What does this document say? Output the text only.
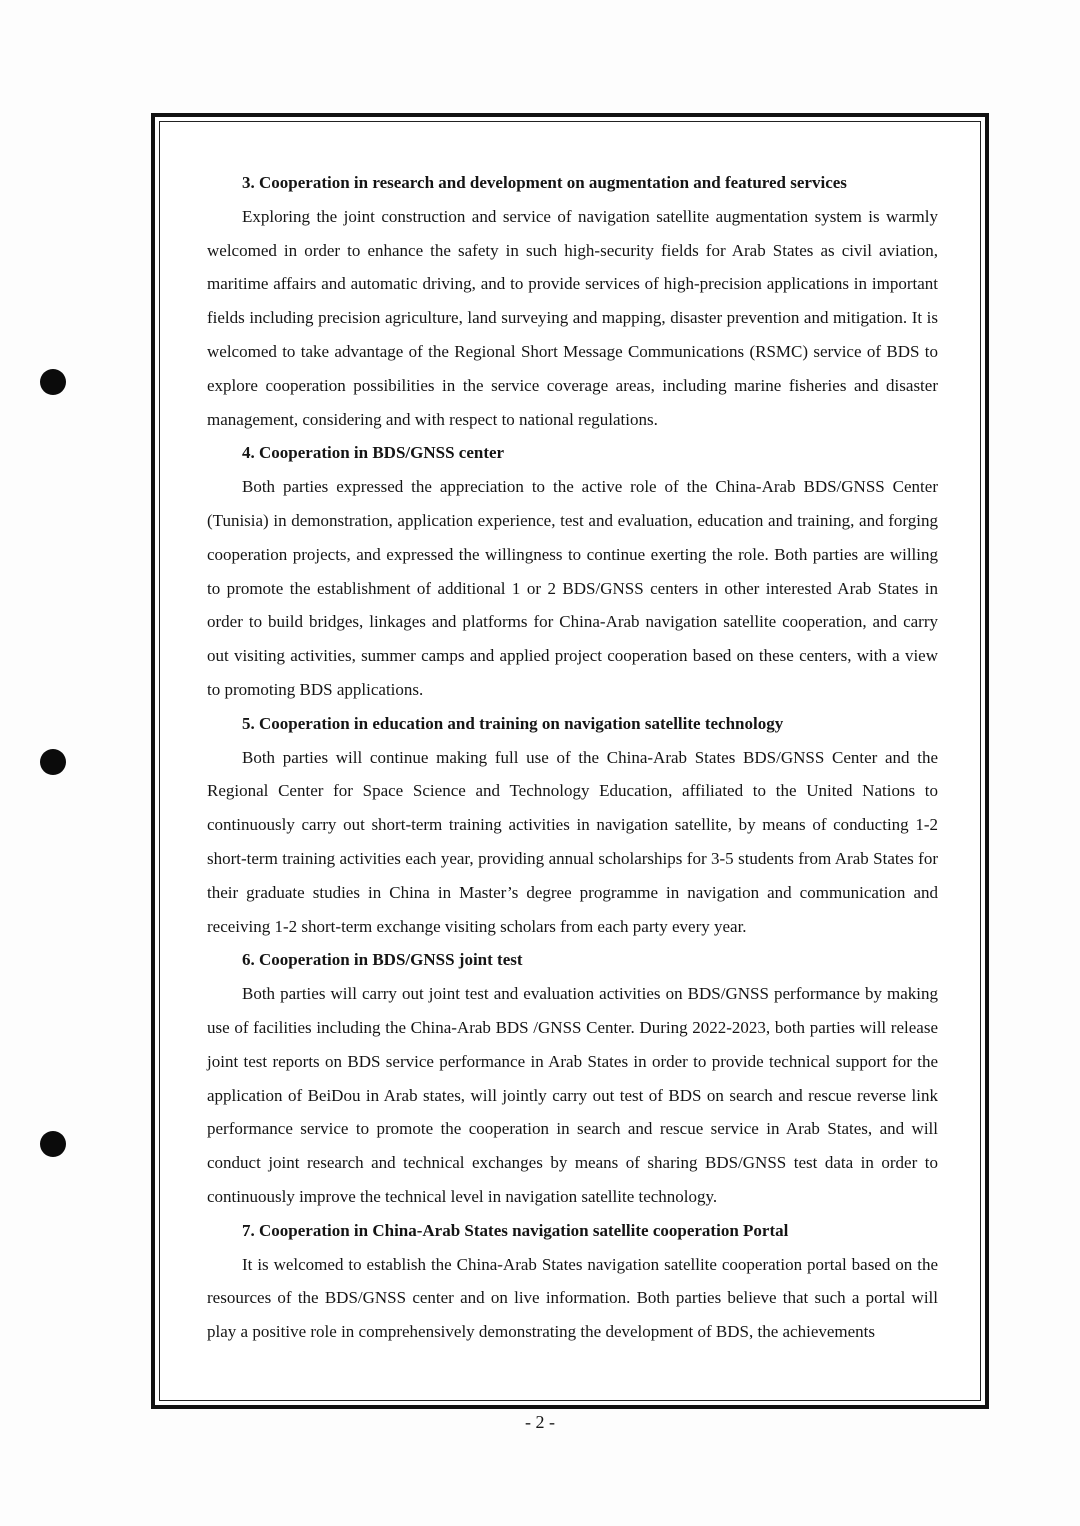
3. Cooperation in research and development on augmentation and featured services

Exploring the joint construction and service of navigation satellite augmentation system is warmly welcomed in order to enhance the safety in such high-security fields for Arab States as civil aviation, maritime affairs and automatic driving, and to provide services of high-precision applications in important fields including precision agriculture, land surveying and mapping, disaster prevention and mitigation. It is welcomed to take advantage of the Regional Short Message Communications (RSMC) service of BDS to explore cooperation possibilities in the service coverage areas, including marine fisheries and disaster management, considering and with respect to national regulations.

4. Cooperation in BDS/GNSS center

Both parties expressed the appreciation to the active role of the China-Arab BDS/GNSS Center (Tunisia) in demonstration, application experience, test and evaluation, education and training, and forging cooperation projects, and expressed the willingness to continue exerting the role. Both parties are willing to promote the establishment of additional 1 or 2 BDS/GNSS centers in other interested Arab States in order to build bridges, linkages and platforms for China-Arab navigation satellite cooperation, and carry out visiting activities, summer camps and applied project cooperation based on these centers, with a view to promoting BDS applications.

5. Cooperation in education and training on navigation satellite technology

Both parties will continue making full use of the China-Arab States BDS/GNSS Center and the Regional Center for Space Science and Technology Education, affiliated to the United Nations to continuously carry out short-term training activities in navigation satellite, by means of conducting 1-2 short-term training activities each year, providing annual scholarships for 3-5 students from Arab States for their graduate studies in China in Master’s degree programme in navigation and communication and receiving 1-2 short-term exchange visiting scholars from each party every year.

6. Cooperation in BDS/GNSS joint test

Both parties will carry out joint test and evaluation activities on BDS/GNSS performance by making use of facilities including the China-Arab BDS /GNSS Center. During 2022-2023, both parties will release joint test reports on BDS service performance in Arab States in order to provide technical support for the application of BeiDou in Arab states, will jointly carry out test of BDS on search and rescue reverse link performance service to promote the cooperation in search and rescue service in Arab States, and will conduct joint research and technical exchanges by means of sharing BDS/GNSS test data in order to continuously improve the technical level in navigation satellite technology.

7. Cooperation in China-Arab States navigation satellite cooperation Portal

It is welcomed to establish the China-Arab States navigation satellite cooperation portal based on the resources of the BDS/GNSS center and on live information. Both parties believe that such a portal will play a positive role in comprehensively demonstrating the development of BDS, the achievements

- 2 -
